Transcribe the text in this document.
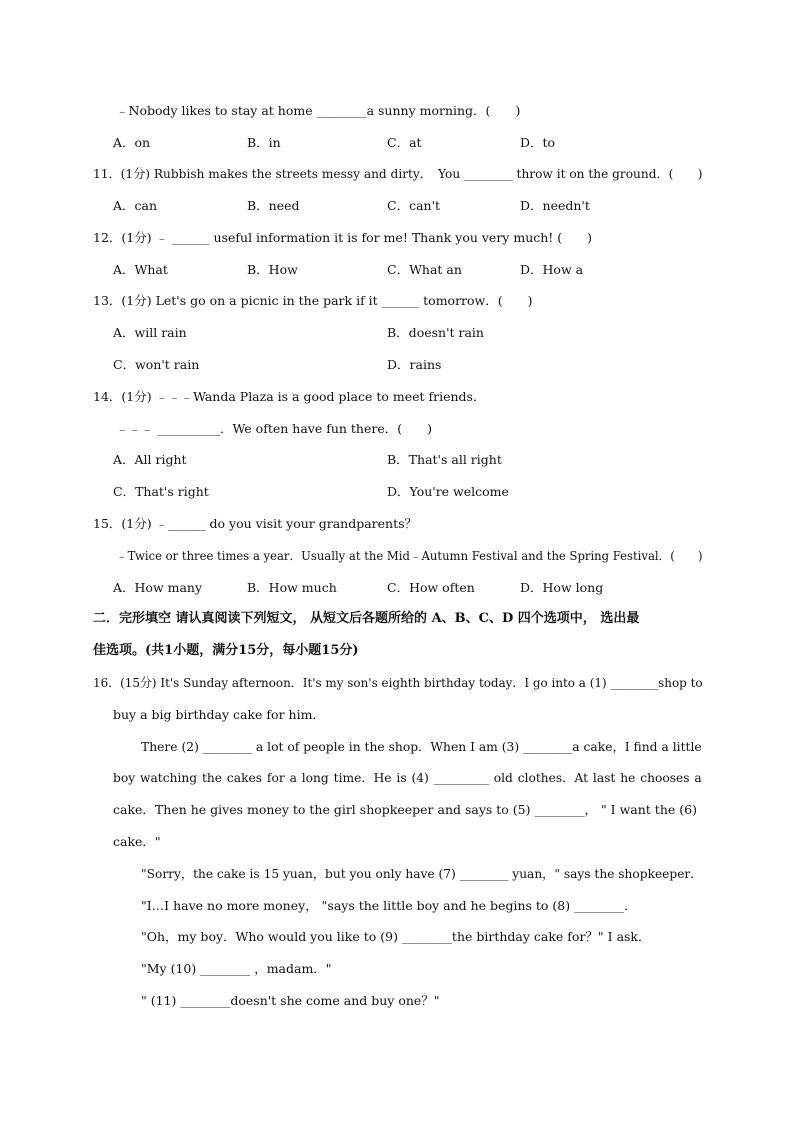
﹣Nobody likes to stay at home ________a sunny morning．(　　)
A．on	B．in	C．at	D．to
11．(1分) Rubbish makes the streets messy and dirty．　You ________ throw it on the ground．(　　)
A．can	B．need	C．can't	D．needn't
12．(1分) ﹣ ______ useful information it is for me! Thank you very much! (　　)
A．What	B．How	C．What an	D．How a
13．(1分) Let's go on a picnic in the park if it ______ tomorrow．(　　)
A．will rain	B．doesn't rain
C．won't rain	D．rains
14．(1分) ﹣﹣﹣Wanda Plaza is a good place to meet friends．
﹣﹣﹣ __________．We often have fun there．(　　)
A．All right	B．That's all right
C．That's right	D．You're welcome
15．(1分) ﹣______ do you visit your grandparents？
﹣Twice or three times a year．Usually at the Mid﹣Autumn Festival and the Spring Festival．(　　)
A．How many	B．How much	C．How often	D．How long
二．完形填空 请认真阅读下列短文， 从短文后各题所给的 A、B、C、D 四个选项中， 选出最
佳选项。(共1小题，满分15分，每小题15分)
16．(15分) It's Sunday afternoon．It's my son's eighth birthday today．I go into a (1) ________shop to
buy a big birthday cake for him．
There (2) ________ a lot of people in the shop．When I am (3) ________a cake，I find a little
boy watching the cakes for a long time．He is (4) _________ old clothes．At last he chooses a
cake．Then he gives money to the girl shopkeeper and says to (5) ________， " I want the (6)
cake．"
"Sorry，the cake is 15 yuan，but you only have (7) ________ yuan，" says the shopkeeper．
"I…I have no more money， "says the little boy and he begins to (8) ________．
"Oh，my boy．Who would you like to (9) ________the birthday cake for？" I ask．
"My (10) ________ ，madam．"
" (11) ________doesn't she come and buy one？"
